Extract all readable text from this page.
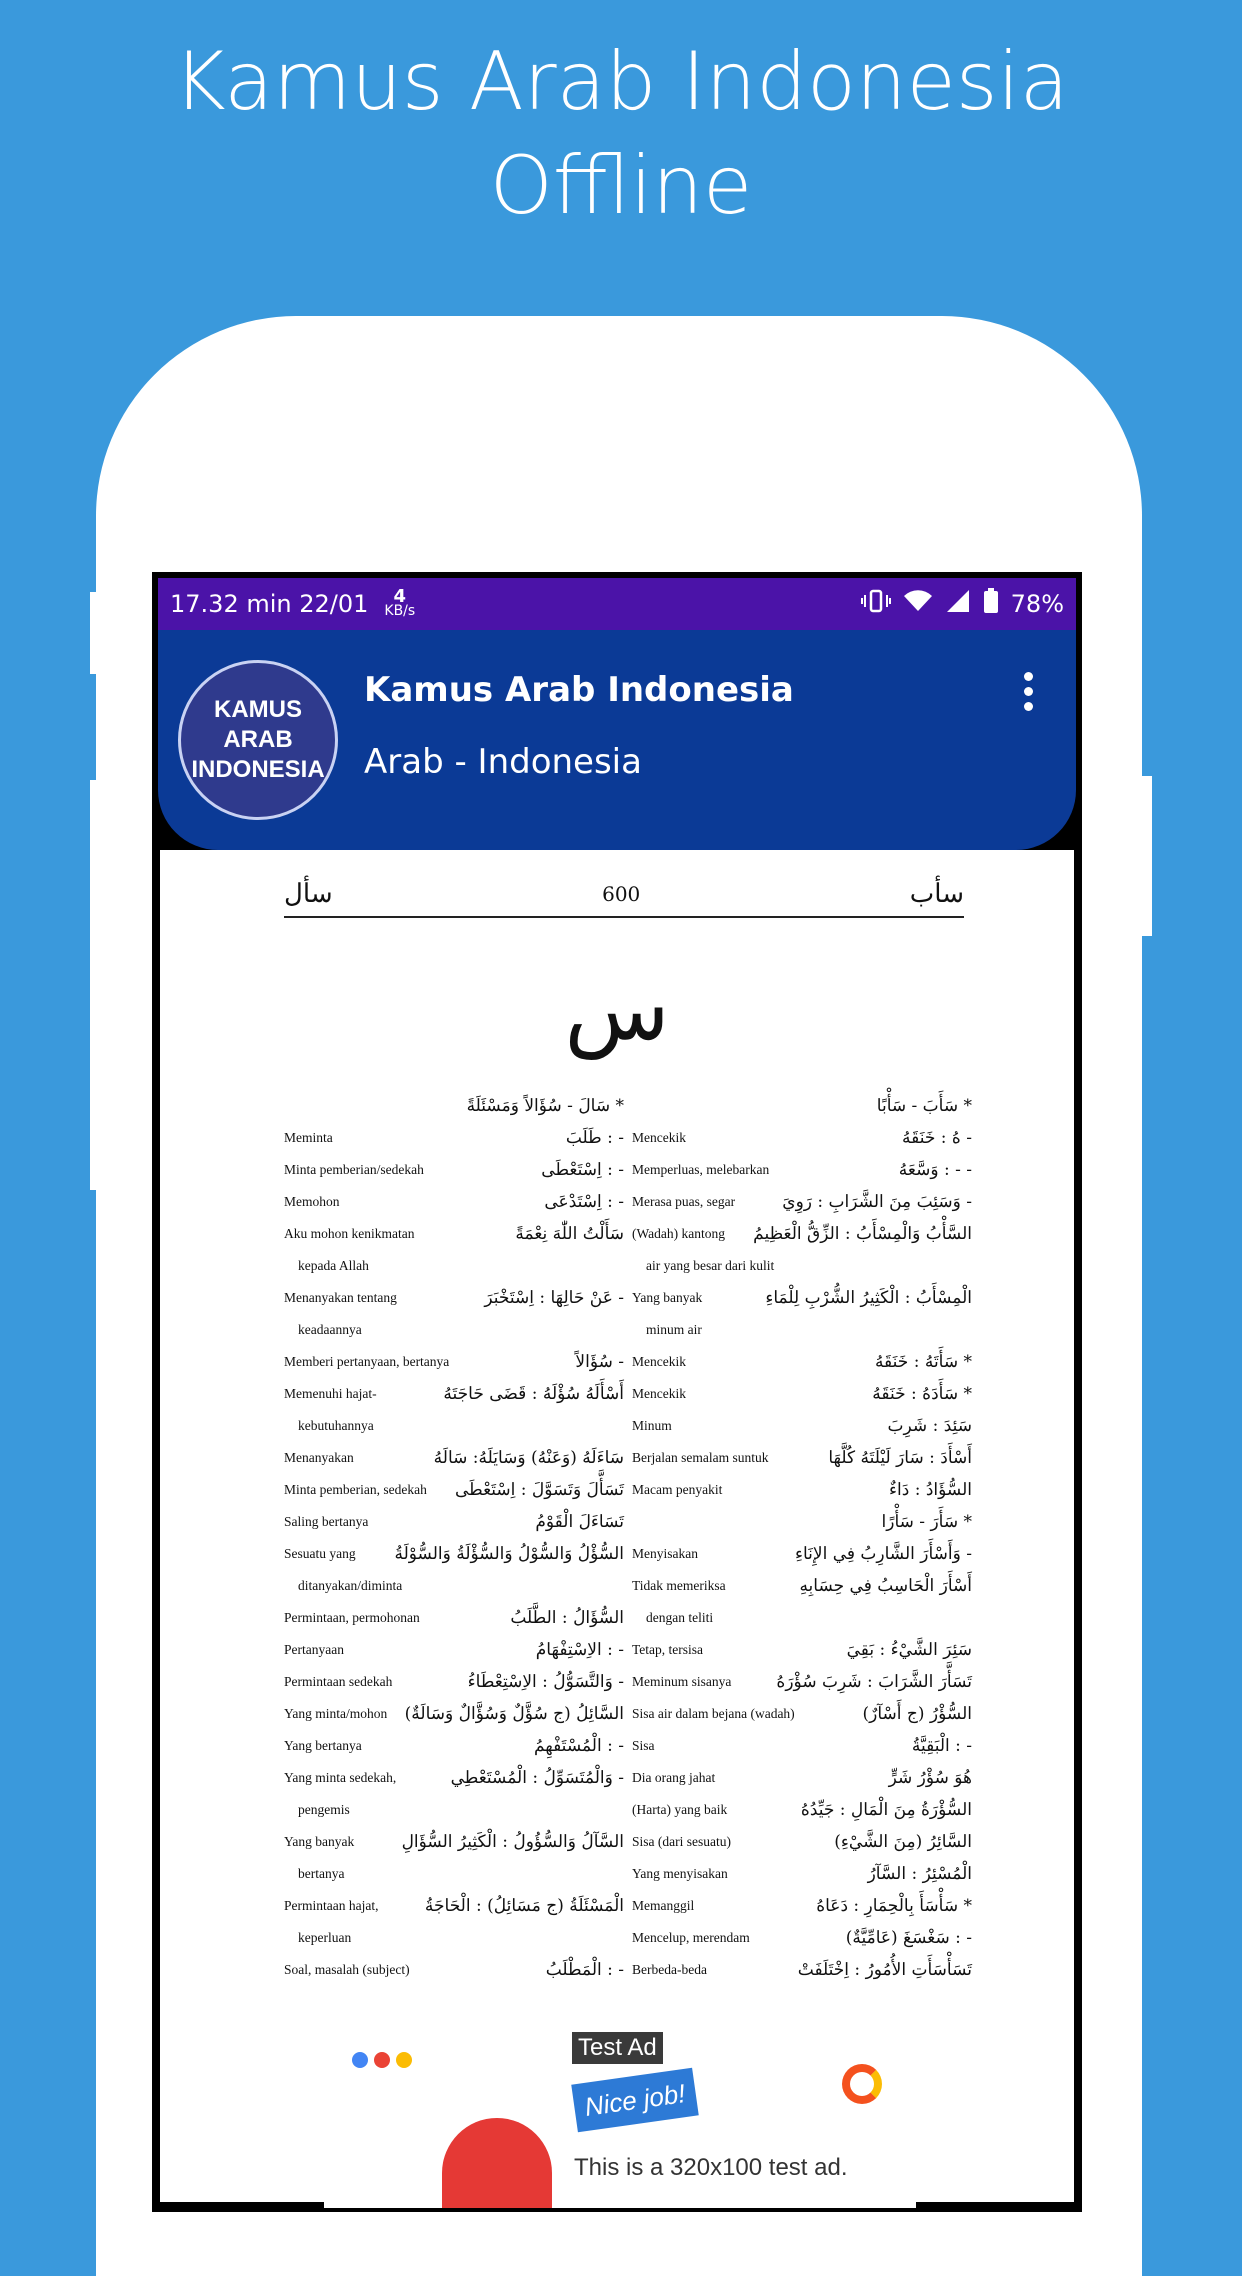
Kamus Arab Indonesia
Offline
17.32 min 22/01	4
KB/s	78%
KAMUS
ARAB
INDONESIA
Kamus Arab Indonesia
Arab - Indonesia
سأل	600	سأب
س
* سَالَ - سُؤَالاً وَمَسْئَلَةً
Meminta	- : طَلَبَ
Minta pemberian/sedekah	- : اِسْتَعْطَى
Memohon	- : اِسْتَدْعَى
Aku mohon kenikmatan	سَأَلْتُ اللّٰهَ نِعْمَةً
kepada Allah
Menanyakan tentang	- عَنْ حَالِهَا : اِسْتَخْبَرَ
keadaannya
Memberi pertanyaan, bertanya	- سُؤَالاً
Memenuhi hajat-	أَسْأَلَهُ سُؤْلَهُ : قَضَى حَاجَتَهُ
kebutuhannya
Menanyakan	سَاءَلَهُ (وَعَنْهُ) وَسَايَلَهُ: سَالَهُ
Minta pemberian, sedekah تَسَأَّلَ وَتَسَوَّلَ : اِسْتَعْطَى
Saling bertanya	تَسَاءَلَ الْقَوْمُ
Sesuatu yang السُّؤْلُ وَالسُّوْلُ وَالسُّؤْلَةُ وَالسُّوْلَةُ
ditanyakan/diminta
Permintaan, permohonan	السُّؤَالُ : الطَّلَبُ
Pertanyaan	- : الاِسْتِفْهَامُ
Permintaan sedekah	- وَالتَّسَوُّلُ : الاِسْتِعْطَاءُ
Yang minta/mohon السَّائِلُ (ج سُؤَّلٌ وَسُؤَّالٌ وَسَالَةٌ)
Yang bertanya	- : الْمُسْتَفْهِمُ
Yang minta sedekah,	- وَالْمُتَسَوِّلُ : الْمُسْتَعْطِي
pengemis
Yang banyak	السَّآلُ وَالسُّؤُولُ : الْكَثِيرُ السُّؤَالِ
bertanya
Permintaan hajat,	الْمَسْئَلَةُ (ج مَسَائِلُ) : الْحَاجَةُ
keperluan
Soal, masalah (subject)	- : الْمَطْلَبُ
* سَأَبَ - سَأْبًا
Mencekik	- هُ : خَنَقَهُ
Memperluas, melebarkan	- - : وَسَّعَهُ
Merasa puas, segar	- وَسَئِبَ مِنَ الشَّرَابِ : رَوِيَ
(Wadah) kantong السَّأْبُ وَالْمِسْأَبُ : الزِّقُّ الْعَظِيمُ
air yang besar dari kulit
Yang banyak	الْمِسْأَبُ : الْكَثِيرُ الشُّرْبِ لِلْمَاءِ
minum air
Mencekik	* سَأَتَهُ : خَنَقَهُ
Mencekik	* سَأَدَهُ : خَنَقَهُ
Minum	سَئِدَ : شَرِبَ
Berjalan semalam suntuk	أَسْأَدَ : سَارَ لَيْلَتَهُ كُلَّهَا
Macam penyakit	السُّؤَادُ : دَاءٌ
* سَأَرَ - سَأْرًا
Menyisakan	- وَأَسْأَرَ الشَّارِبُ فِي الإِنَاءِ
Tidak memeriksa	أَسْأَرَ الْحَاسِبُ فِي حِسَابِهِ
dengan teliti
Tetap, tersisa	سَئِرَ الشَّيْءُ : بَقِيَ
Meminum sisanya	تَسَأَّرَ الشَّرَابَ : شَرِبَ سُؤْرَهُ
Sisa air dalam bejana (wadah)	السُّؤْرُ (ج أَسْآرٌ)
Sisa	- : الْبَقِيَّةُ
Dia orang jahat	هُوَ سُؤْرُ شَرٍّ
(Harta) yang baik	السُّؤْرَةُ مِنَ الْمَالِ : جَيِّدُهُ
Sisa (dari sesuatu)	السَّائِرُ (مِنَ الشَّيْءِ)
Yang menyisakan	الْمُسْئِرُ : السَّآرُ
Memanggil	* سَأْسَأَ بِالْحِمَارِ : دَعَاهُ
Mencelup, merendam	- : سَغْسَغَ (عَامِّيَّةٌ)
Berbeda-beda	تَسَأْسَأَتِ الأُمُورُ : اِخْتَلَفَتْ
Test Ad
Nice job!
This is a 320x100 test ad.
